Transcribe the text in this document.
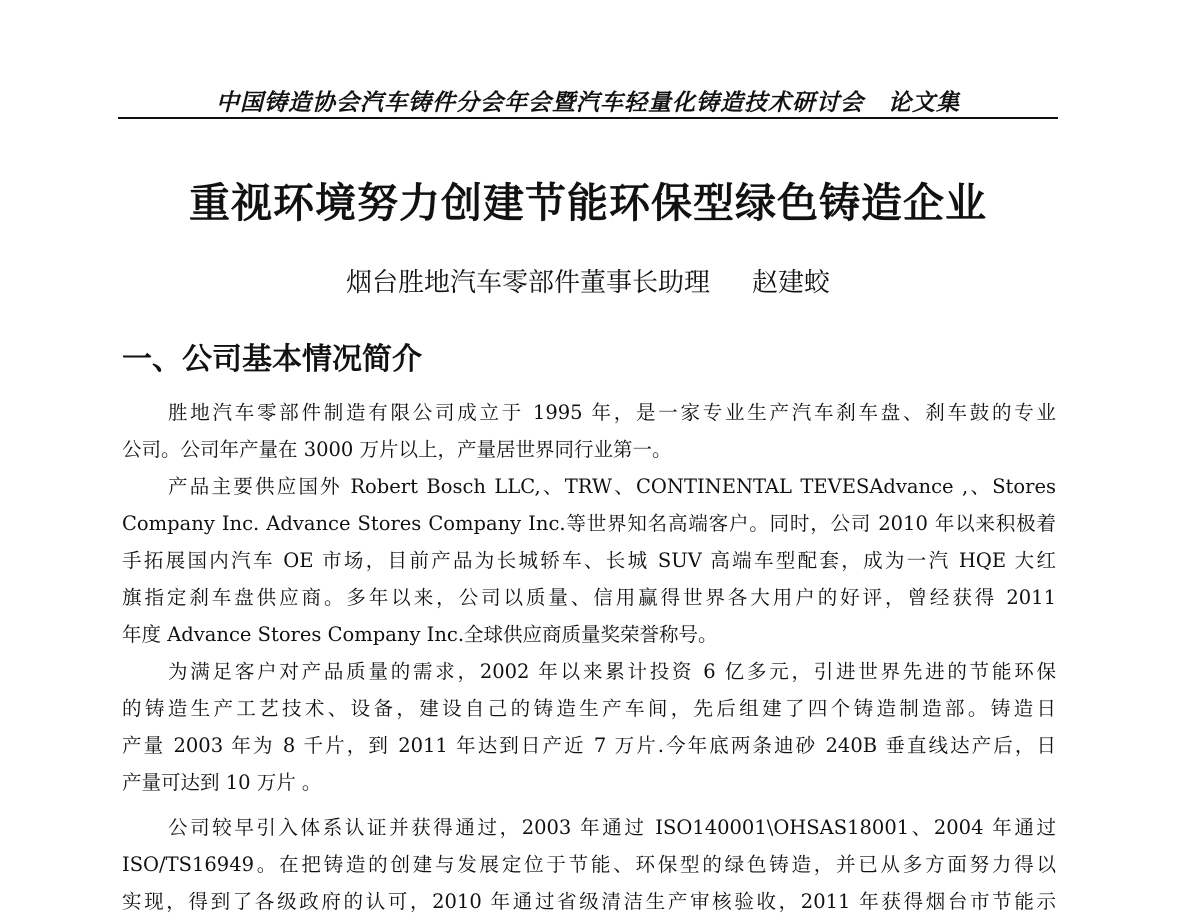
中国铸造协会汽车铸件分会年会暨汽车轻量化铸造技术研讨会　论文集
重视环境努力创建节能环保型绿色铸造企业
烟台胜地汽车零部件董事长助理 赵建蛟
一、公司基本情况简介
胜地汽车零部件制造有限公司成立于 1995 年，是一家专业生产汽车刹车盘、刹车鼓的专业
公司。公司年产量在 3000 万片以上，产量居世界同行业第一。
产品主要供应国外 Robert Bosch LLC,、TRW、CONTINENTAL TEVESAdvance ,、Stores
Company Inc. Advance Stores Company Inc.等世界知名高端客户。同时，公司 2010 年以来积极着
手拓展国内汽车 OE 市场，目前产品为长城轿车、长城 SUV 高端车型配套，成为一汽 HQE 大红
旗指定刹车盘供应商。多年以来，公司以质量、信用赢得世界各大用户的好评，曾经获得 2011
年度 Advance Stores Company Inc.全球供应商质量奖荣誉称号。
为满足客户对产品质量的需求，2002 年以来累计投资 6 亿多元，引进世界先进的节能环保
的铸造生产工艺技术、设备，建设自己的铸造生产车间，先后组建了四个铸造制造部。铸造日
产量 2003 年为 8 千片，到 2011 年达到日产近 7 万片.今年底两条迪砂 240B 垂直线达产后，日
产量可达到 10 万片 。
公司较早引入体系认证并获得通过，2003 年通过 ISO140001\OHSAS18001、2004 年通过
ISO/TS16949。在把铸造的创建与发展定位于节能、环保型的绿色铸造，并已从多方面努力得以
实现，得到了各级政府的认可，2010 年通过省级清洁生产审核验收，2011 年获得烟台市节能示
